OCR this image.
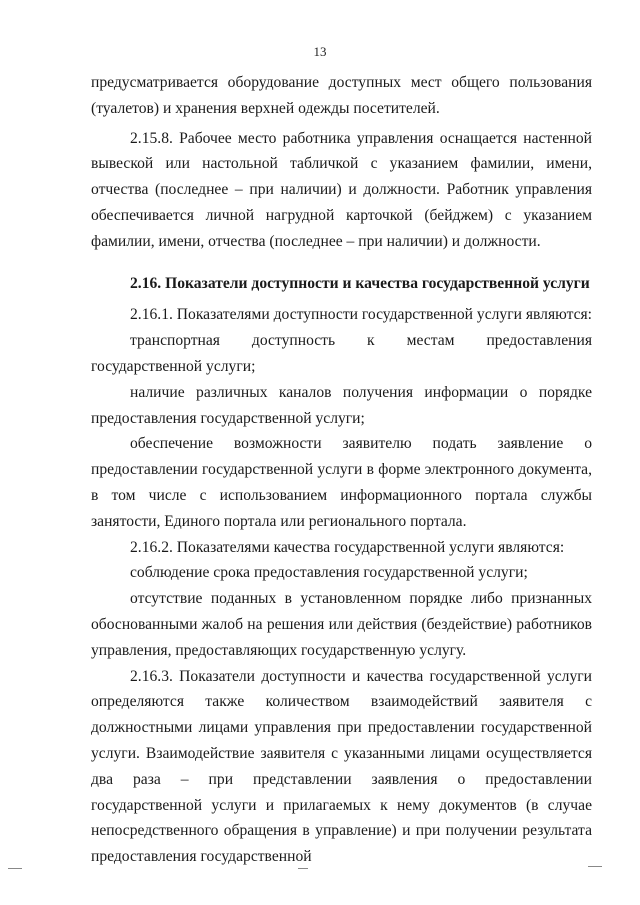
13

предусматривается оборудование доступных мест общего пользования (туалетов) и хранения верхней одежды посетителей.

2.15.8. Рабочее место работника управления оснащается настенной вывеской или настольной табличкой с указанием фамилии, имени, отчества (последнее – при наличии) и должности. Работник управления обеспечивается личной нагрудной карточкой (бейджем) с указанием фамилии, имени, отчества (последнее – при наличии) и должности.

2.16. Показатели доступности и качества государственной услуги

2.16.1. Показателями доступности государственной услуги являются:

транспортная доступность к местам предоставления государственной услуги;

наличие различных каналов получения информации о порядке предоставления государственной услуги;

обеспечение возможности заявителю подать заявление о предоставлении государственной услуги в форме электронного документа, в том числе с использованием информационного портала службы занятости, Единого портала или регионального портала.

2.16.2. Показателями качества государственной услуги являются:

соблюдение срока предоставления государственной услуги;

отсутствие поданных в установленном порядке либо признанных обоснованными жалоб на решения или действия (бездействие) работников управления, предоставляющих государственную услугу.

2.16.3. Показатели доступности и качества государственной услуги определяются также количеством взаимодействий заявителя с должностными лицами управления при предоставлении государственной услуги. Взаимодействие заявителя с указанными лицами осуществляется два раза – при представлении заявления о предоставлении государственной услуги и прилагаемых к нему документов (в случае непосредственного обращения в управление) и при получении результата предоставления государственной
